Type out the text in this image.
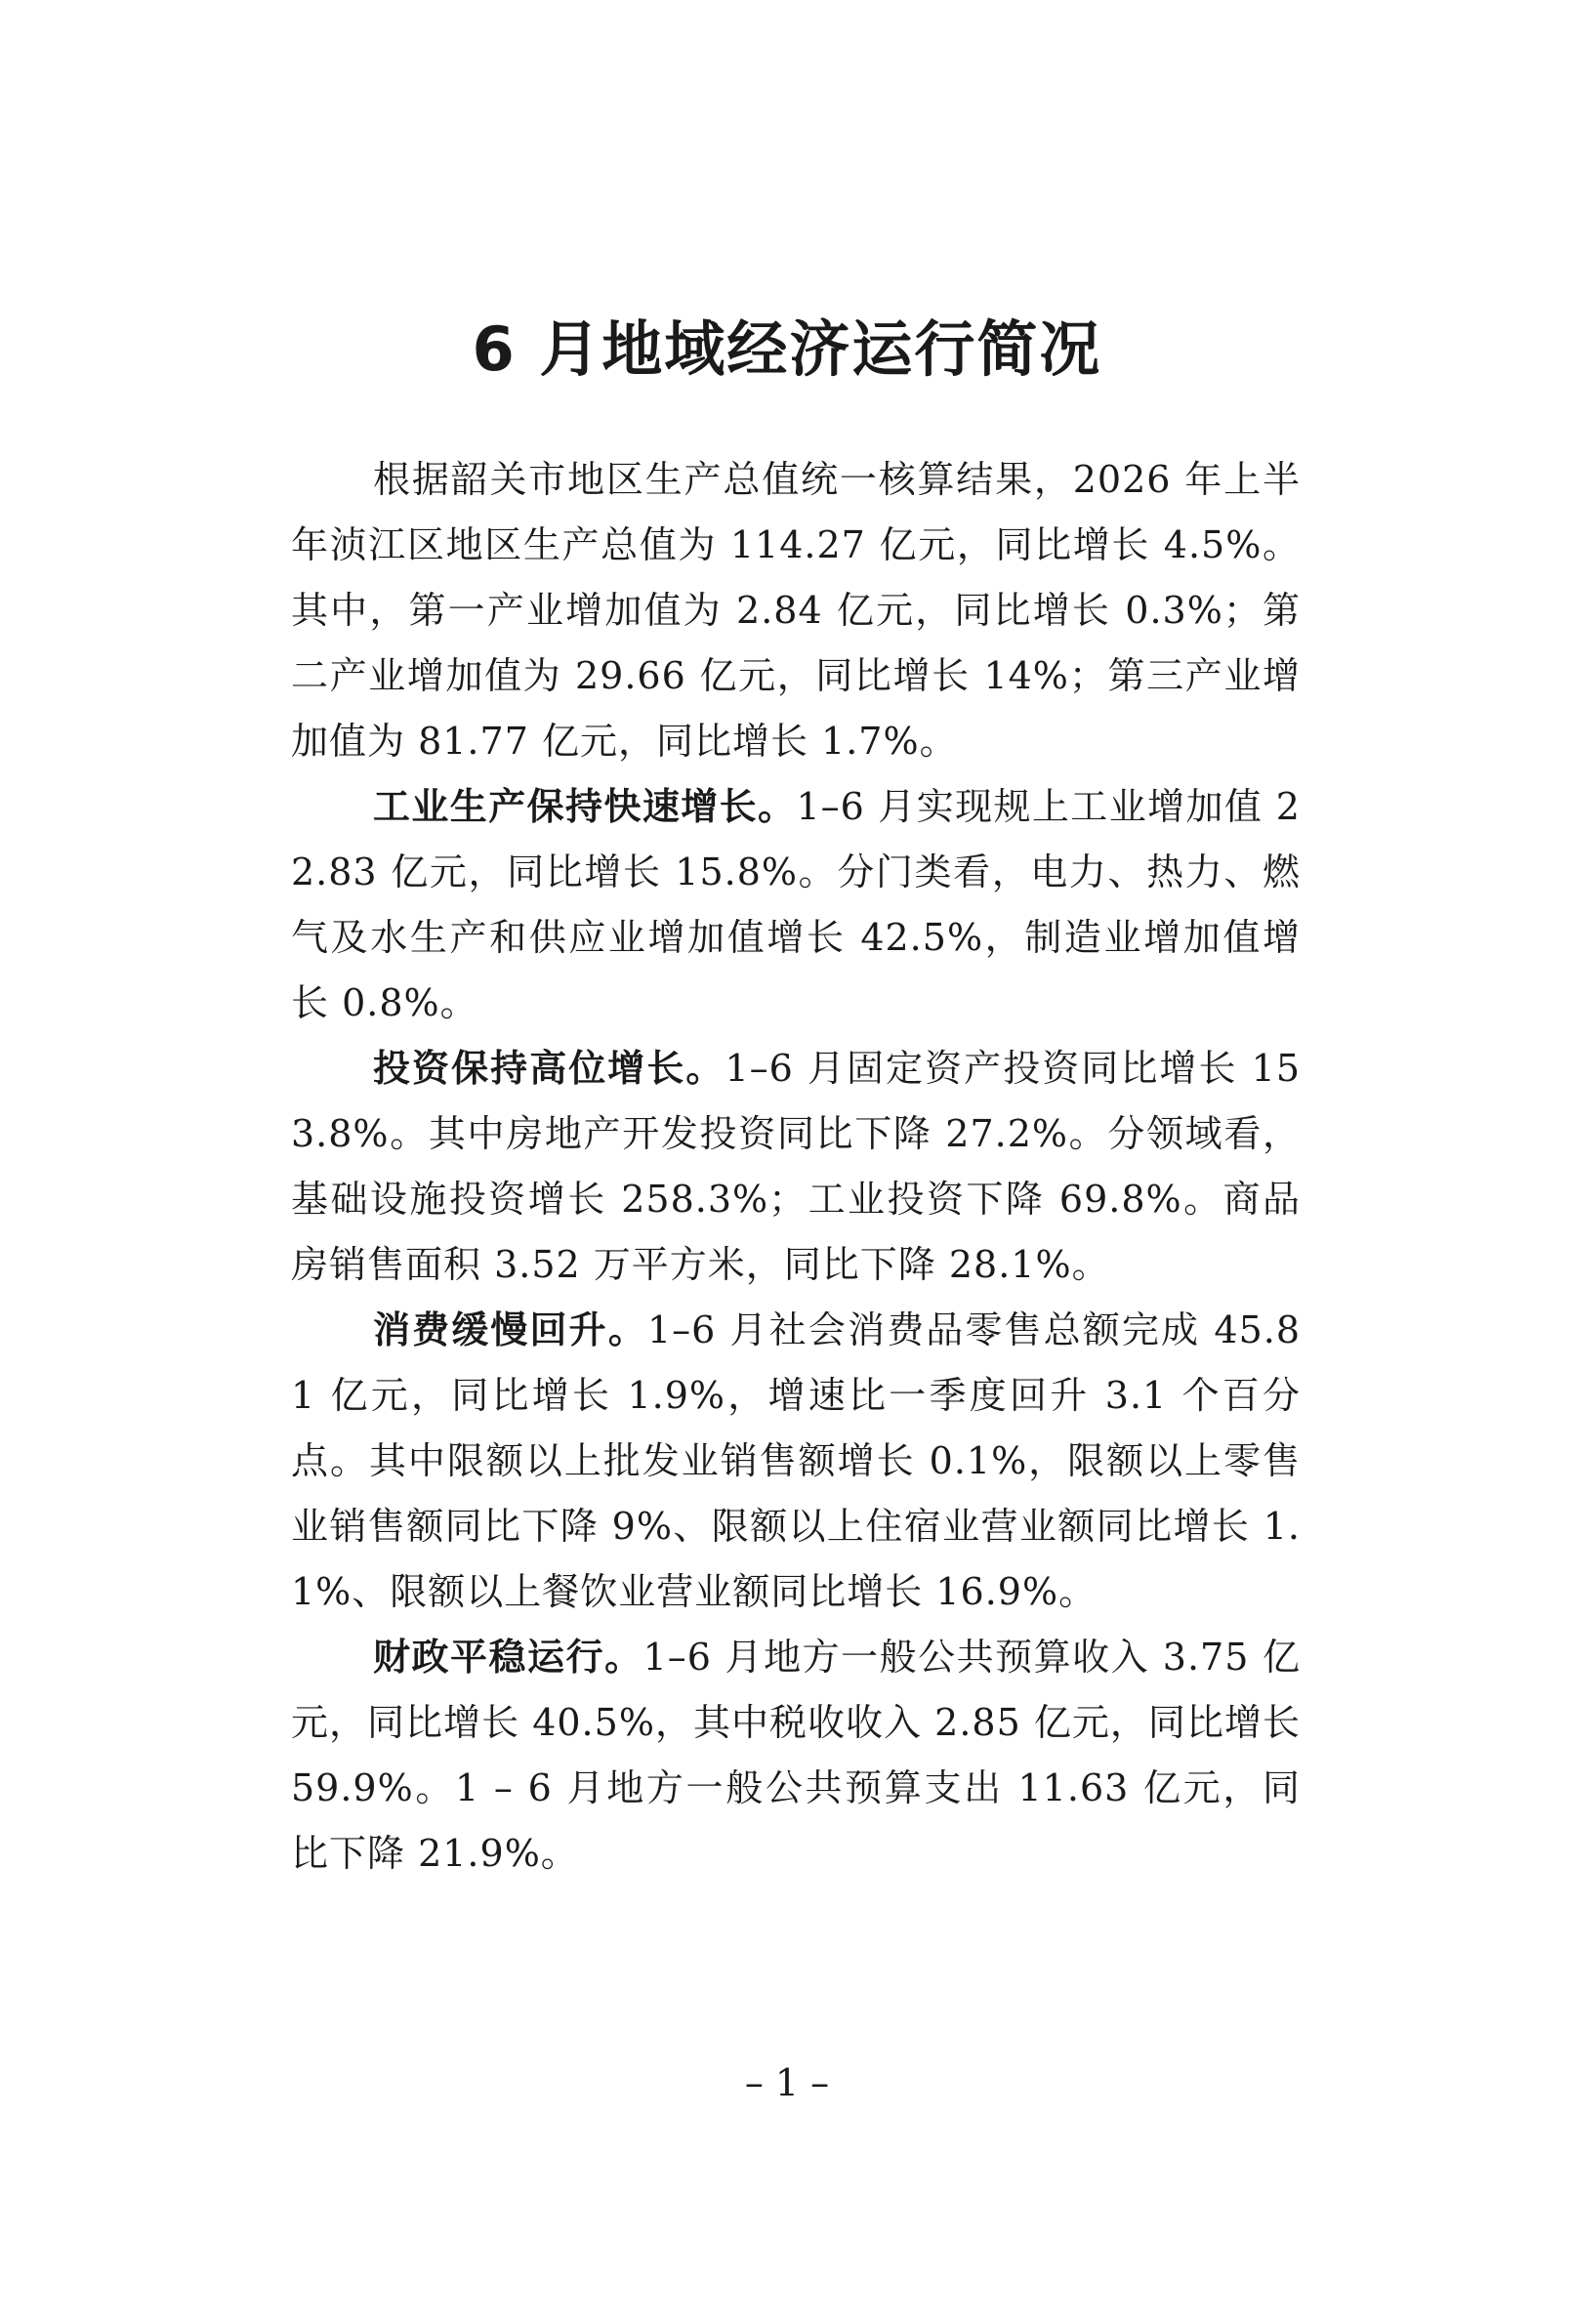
6 月地域经济运行简况

根据韶关市地区生产总值统一核算结果，2026 年上半年浈江区地区生产总值为 114.27 亿元，同比增长 4.5%。其中，第一产业增加值为 2.84 亿元，同比增长 0.3%；第二产业增加值为 29.66 亿元，同比增长 14%；第三产业增加值为 81.77 亿元，同比增长 1.7%。

工业生产保持快速增长。1–6 月实现规上工业增加值 22.83 亿元，同比增长 15.8%。分门类看，电力、热力、燃气及水生产和供应业增加值增长 42.5%，制造业增加值增长 0.8%。

投资保持高位增长。1–6 月固定资产投资同比增长 153.8%。其中房地产开发投资同比下降 27.2%。分领域看，基础设施投资增长 258.3%；工业投资下降 69.8%。商品房销售面积 3.52 万平方米，同比下降 28.1%。

消费缓慢回升。1–6 月社会消费品零售总额完成 45.81 亿元，同比增长 1.9%，增速比一季度回升 3.1 个百分点。其中限额以上批发业销售额增长 0.1%，限额以上零售业销售额同比下降 9%、限额以上住宿业营业额同比增长 1.1%、限额以上餐饮业营业额同比增长 16.9%。

财政平稳运行。1–6 月地方一般公共预算收入 3.75 亿元，同比增长 40.5%，其中税收收入 2.85 亿元，同比增长 59.9%。1 – 6 月地方一般公共预算支出 11.63 亿元，同比下降 21.9%。

– 1 –
